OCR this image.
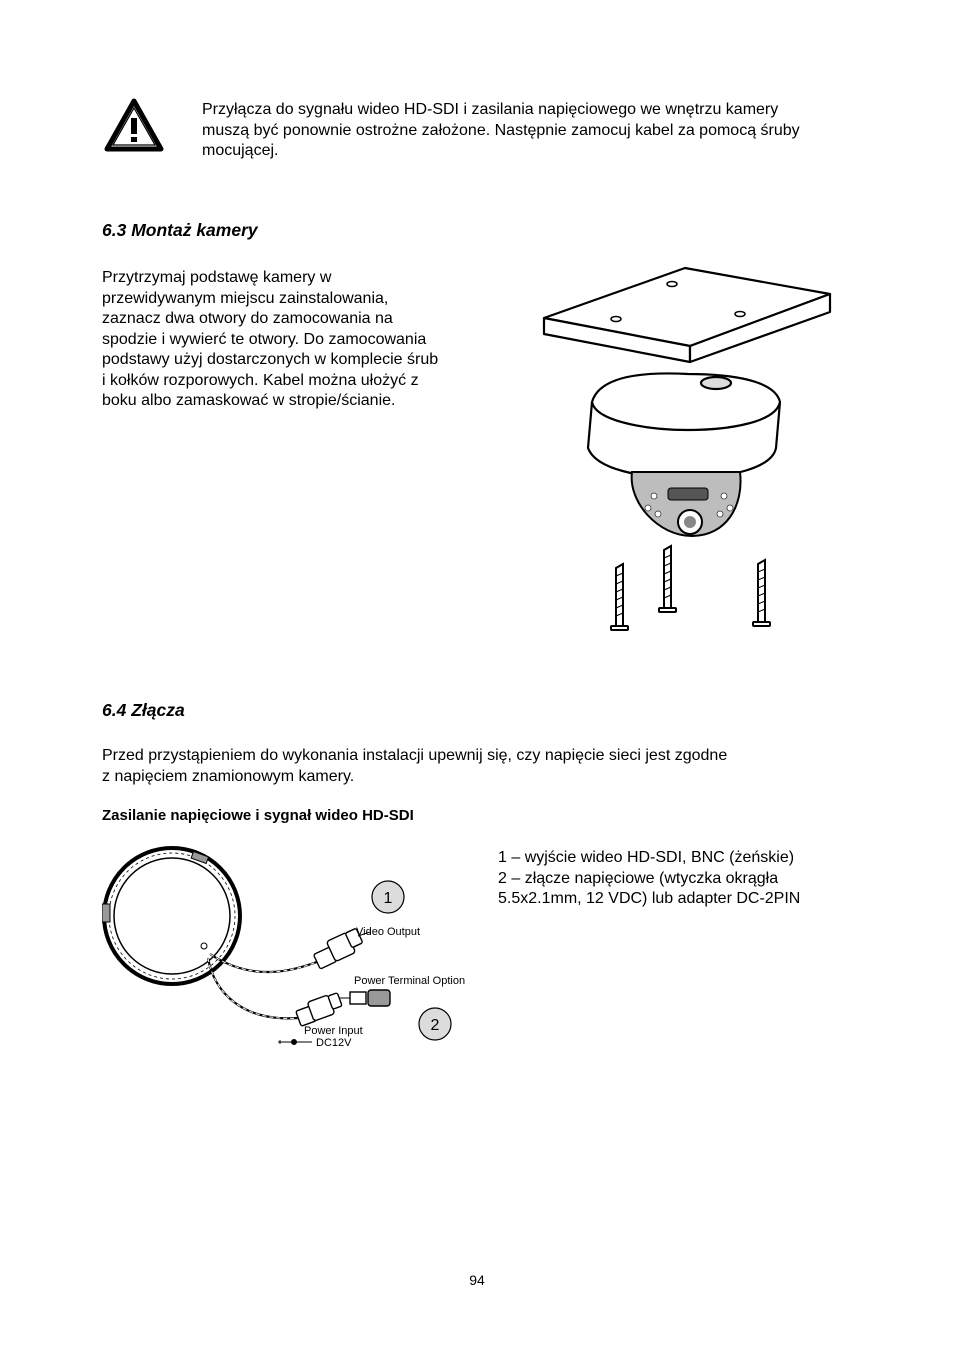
Przyłącza do sygnału wideo HD-SDI i zasilania napięciowego we wnętrzu kamery
muszą być ponownie ostrożne założone. Następnie zamocuj kabel za pomocą śruby
mocującej.
6.3 Montaż kamery
Przytrzymaj podstawę kamery w
przewidywanym miejscu zainstalowania,
zaznacz dwa otwory do zamocowania na
spodzie i wywierć te otwory. Do zamocowania
podstawy użyj dostarczonych w komplecie śrub
i kołków rozporowych. Kabel można ułożyć z
boku albo zamaskować w stropie/ścianie.
6.4 Złącza
Przed przystąpieniem do wykonania instalacji upewnij się, czy napięcie sieci jest zgodne
z napięciem znamionowym kamery.
Zasilanie napięciowe i sygnał wideo HD-SDI
Video Output
Power Terminal Option
Power Input
DC12V
1
2
1 – wyjście wideo HD-SDI, BNC (żeńskie)
2 – złącze napięciowe (wtyczka okrągła
5.5x2.1mm, 12 VDC) lub adapter DC-2PIN
94
